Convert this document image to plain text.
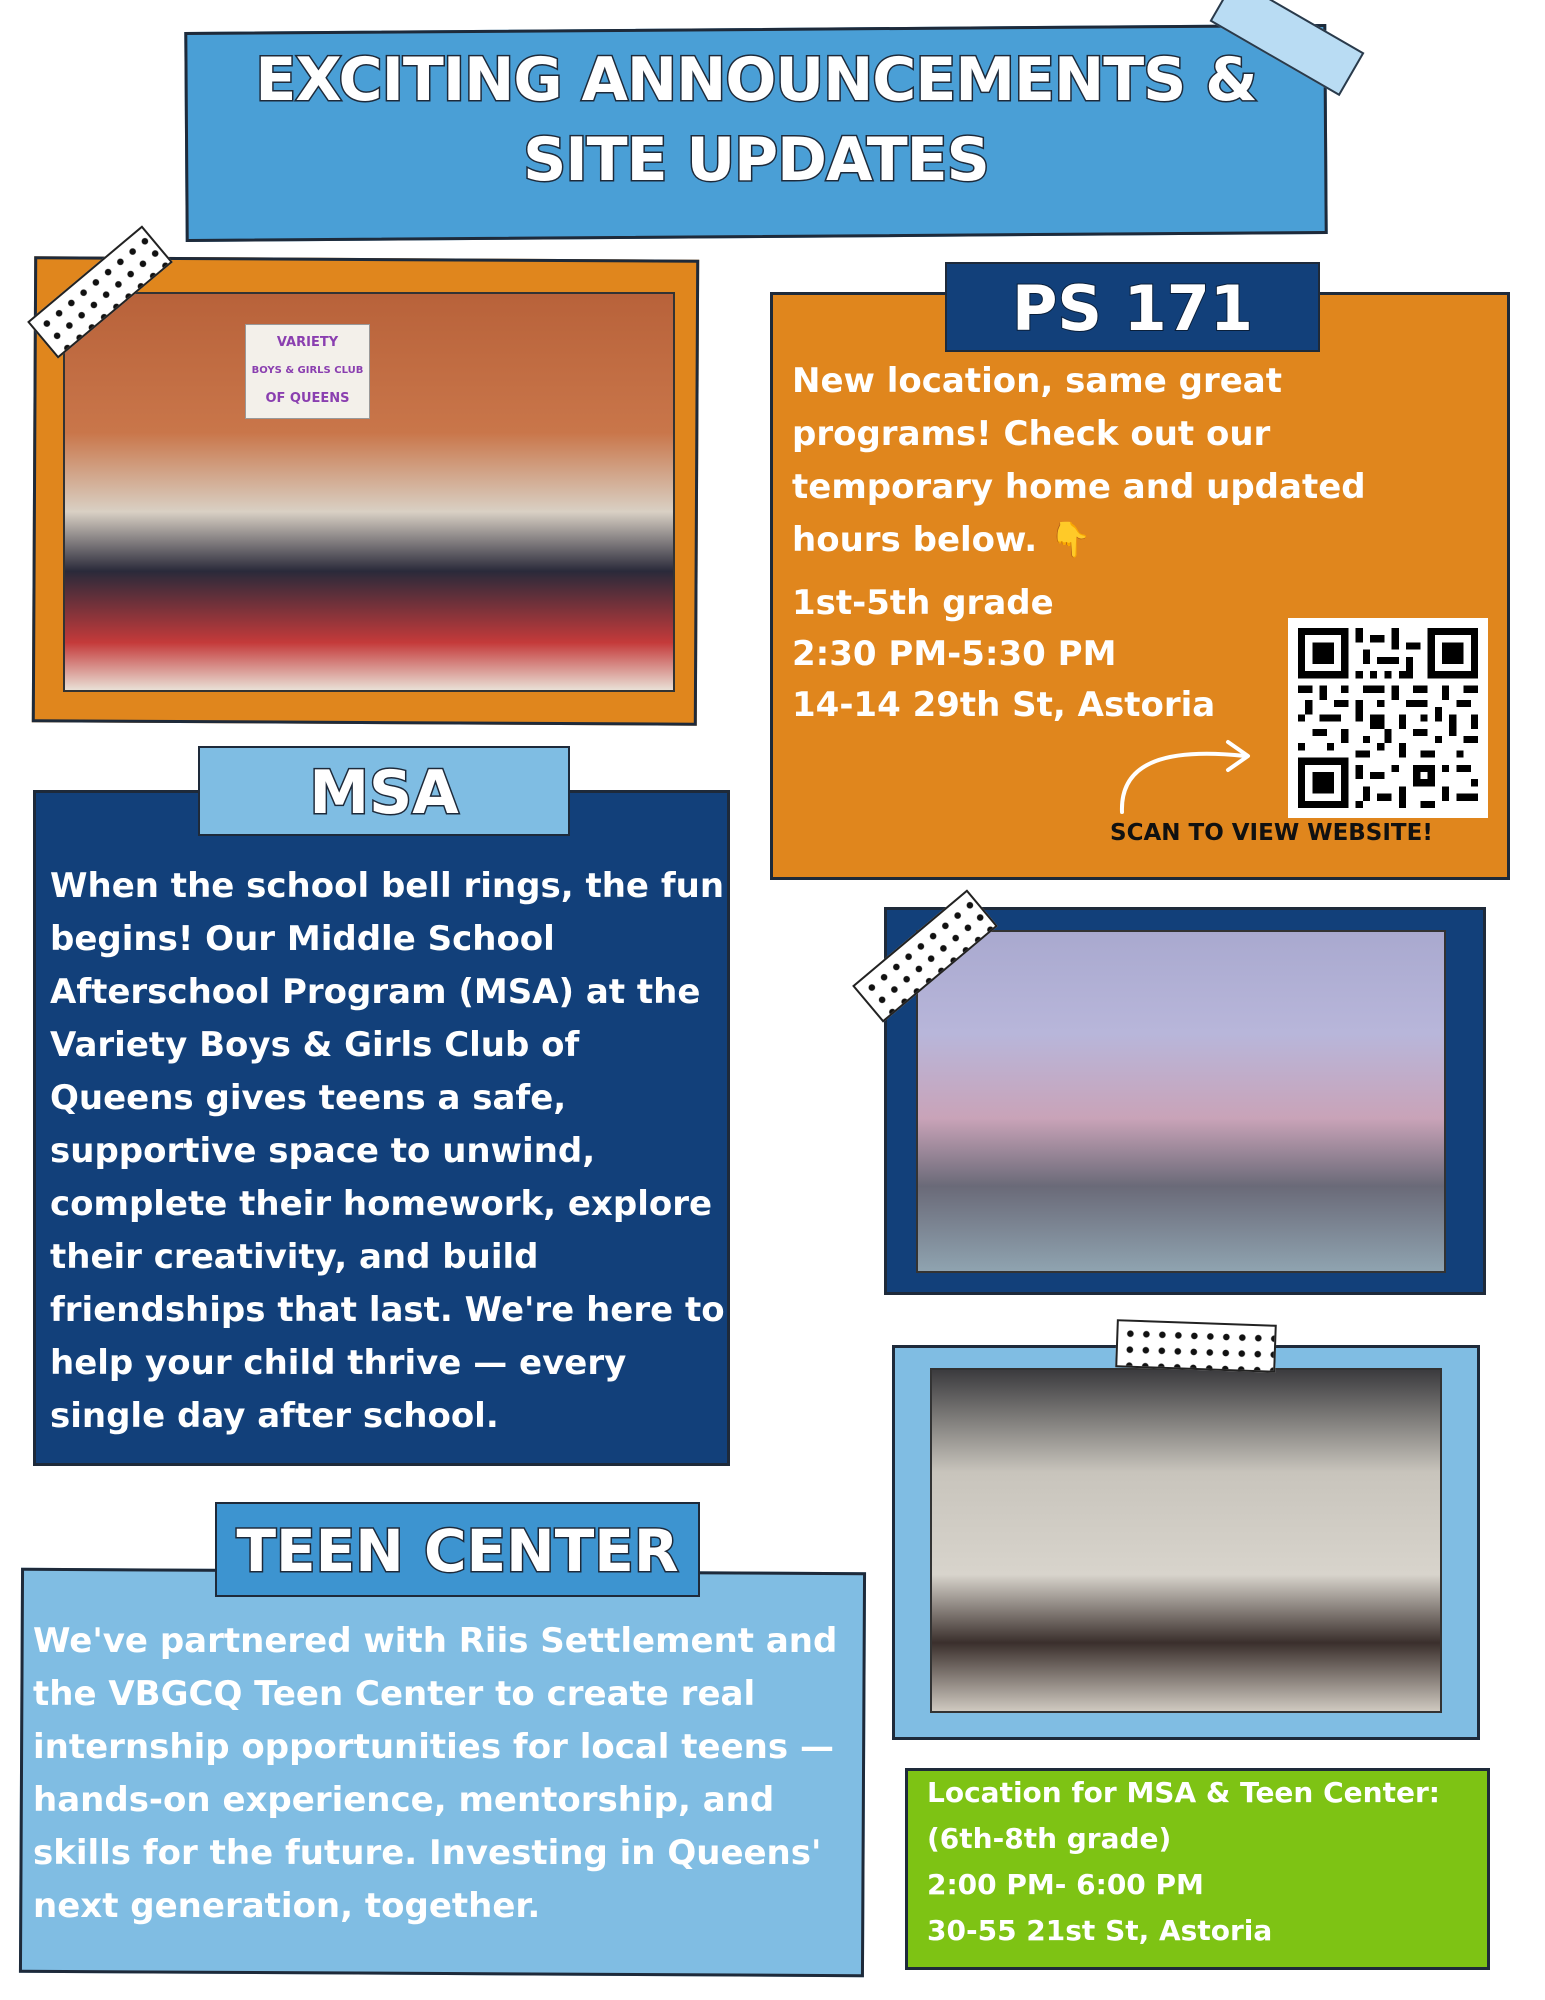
EXCITING ANNOUNCEMENTS &
SITE UPDATES
VARIETY
BOYS & GIRLS CLUB
OF QUEENS
PS 171
New location, same great programs! Check out our temporary home and updated hours below. 👇
1st-5th grade
2:30 PM-5:30 PM
14-14 29th St, Astoria
SCAN TO VIEW WEBSITE!
MSA
When the school bell rings, the fun begins! Our Middle School Afterschool Program (MSA) at the Variety Boys & Girls Club of Queens gives teens a safe, supportive space to unwind, complete their homework, explore their creativity, and build friendships that last. We're here to help your child thrive — every single day after school.
TEEN CENTER
We've partnered with Riis Settlement and the VBGCQ Teen Center to create real internship opportunities for local teens — hands-on experience, mentorship, and skills for the future. Investing in Queens' next generation, together.
Location for MSA & Teen Center:
(6th-8th grade)
2:00 PM- 6:00 PM
30-55 21st St, Astoria
